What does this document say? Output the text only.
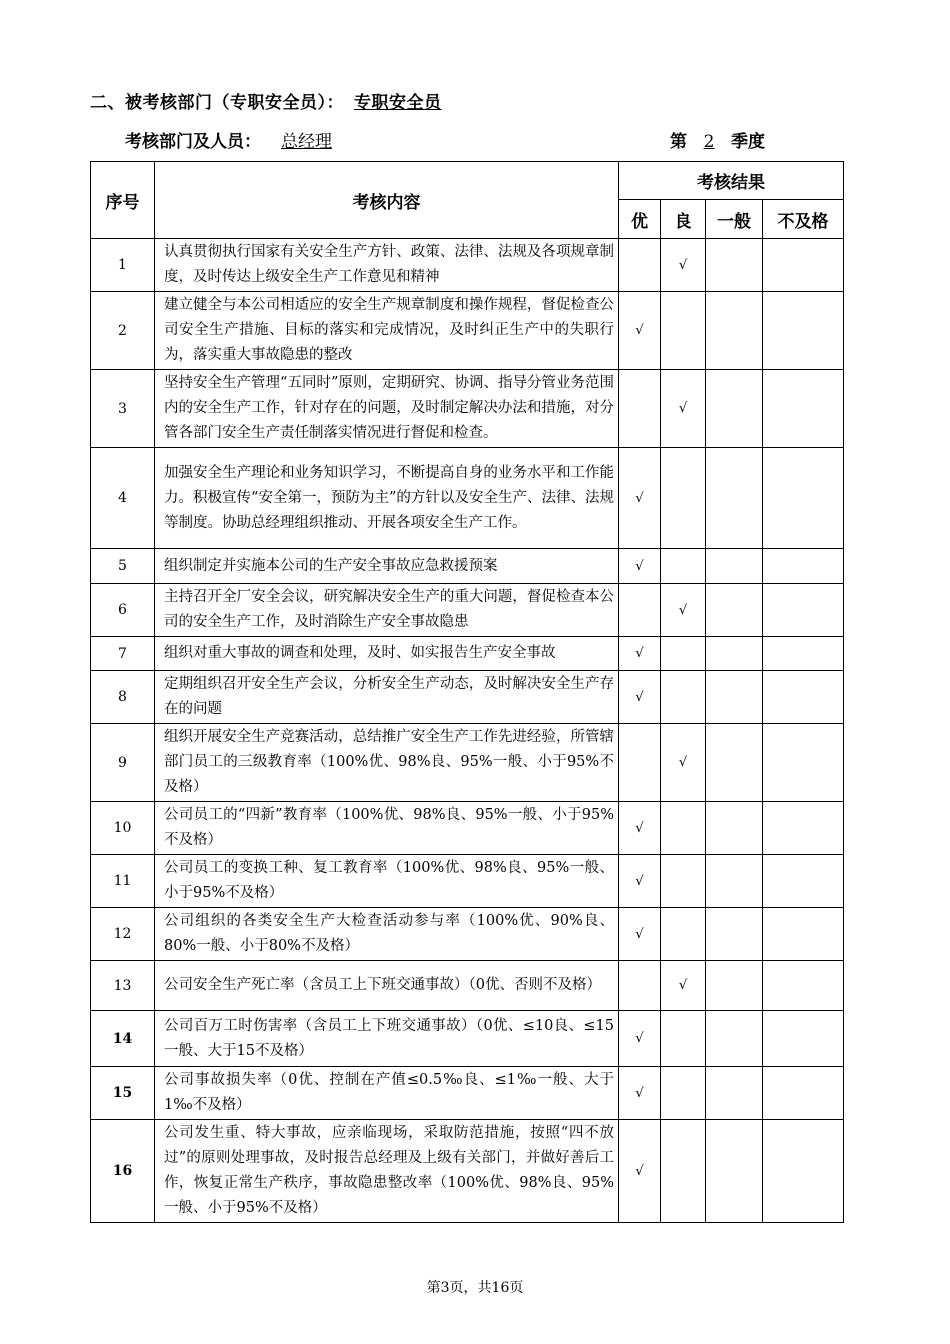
二、被考核部门（专职安全员）： 专职安全员
考核部门及人员： 总经理	第 2 季度
序号	考核内容	考核结果			
		优	良	一般	不及格
1	认真贯彻执行国家有关安全生产方针、政策、法律、法规及各项规章制度，及时传达上级安全生产工作意见和精神		√		
2	建立健全与本公司相适应的安全生产规章制度和操作规程，督促检查公司安全生产措施、目标的落实和完成情况，及时纠正生产中的失职行为，落实重大事故隐患的整改	√			
3	坚持安全生产管理“五同时”原则，定期研究、协调、指导分管业务范围内的安全生产工作，针对存在的问题，及时制定解决办法和措施，对分管各部门安全生产责任制落实情况进行督促和检查。		√		
4	加强安全生产理论和业务知识学习，不断提高自身的业务水平和工作能力。积极宣传“安全第一，预防为主”的方针以及安全生产、法律、法规等制度。协助总经理组织推动、开展各项安全生产工作。	√			
5	组织制定并实施本公司的生产安全事故应急救援预案	√			
6	主持召开全厂安全会议，研究解决安全生产的重大问题，督促检查本公司的安全生产工作，及时消除生产安全事故隐患		√		
7	组织对重大事故的调查和处理，及时、如实报告生产安全事故	√			
8	定期组织召开安全生产会议，分析安全生产动态，及时解决安全生产存在的问题	√			
9	组织开展安全生产竞赛活动，总结推广安全生产工作先进经验，所管辖部门员工的三级教育率（100%优、98%良、95%一般、小于95%不及格）		√		
10	公司员工的“四新”教育率（100%优、98%良、95%一般、小于95%不及格）	√			
11	公司员工的变换工种、复工教育率（100%优、98%良、95%一般、小于95%不及格）	√			
12	公司组织的各类安全生产大检查活动参与率（100%优、90%良、80%一般、小于80%不及格）	√			
13	公司安全生产死亡率（含员工上下班交通事故）（0优、否则不及格）		√		
14	公司百万工时伤害率（含员工上下班交通事故）（0优、≤10良、≤15一般、大于15不及格）	√			
15	公司事故损失率（0优、控制在产值≤0.5‰良、≤1‰一般、大于1‰不及格）	√			
16	公司发生重、特大事故，应亲临现场，采取防范措施，按照“四不放过”的原则处理事故，及时报告总经理及上级有关部门，并做好善后工作，恢复正常生产秩序，事故隐患整改率（100%优、98%良、95%一般、小于95%不及格）	√			
第3页，共16页
